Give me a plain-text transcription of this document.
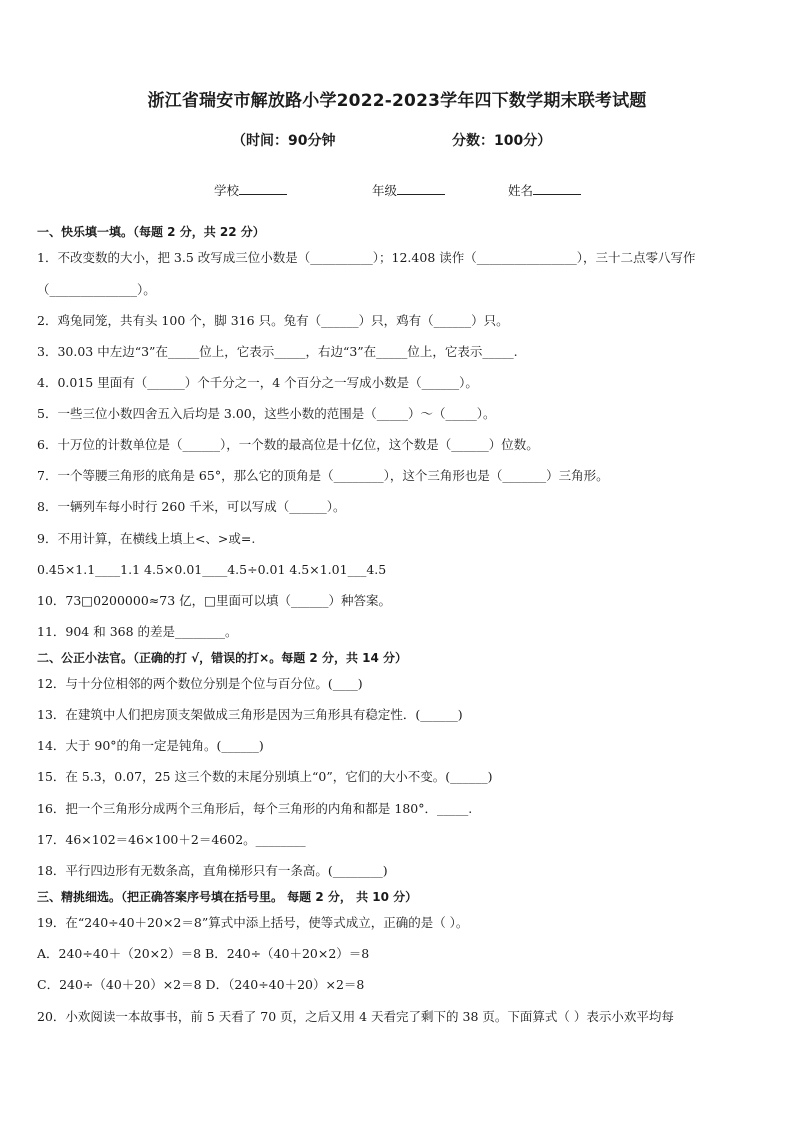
浙江省瑞安市解放路小学2022-2023学年四下数学期末联考试题
（时间：90分钟	分数：100分）
学校	年级	姓名
一、快乐填一填。（每题 2 分，共 22 分）
1．不改变数的大小，把 3.5 改写成三位小数是（__________）；12.408 读作（________________），三十二点零八写作
（______________）。
2．鸡兔同笼，共有头 100 个，脚 316 只。兔有（______）只，鸡有（______）只。
3．30.03 中左边“3”在_____位上，它表示_____，右边“3”在_____位上，它表示_____.
4．0.015 里面有（______）个千分之一，4 个百分之一写成小数是（______）。
5．一些三位小数四舍五入后均是 3.00，这些小数的范围是（_____）～（_____）。
6．十万位的计数单位是（______），一个数的最高位是十亿位，这个数是（______）位数。
7．一个等腰三角形的底角是 65°，那么它的顶角是（________），这个三角形也是（_______）三角形。
8．一辆列车每小时行 260 千米，可以写成（______）。
9．不用计算，在横线上填上<、>或=.
0.45×1.1____1.1 4.5×0.01____4.5÷0.01 4.5×1.01___4.5
10．73□0200000≈73 亿，□里面可以填（______）种答案。
11．904 和 368 的差是________。
二、公正小法官。（正确的打 √，错误的打×。每题 2 分，共 14 分）
12．与十分位相邻的两个数位分别是个位与百分位。(____)
13．在建筑中人们把房顶支架做成三角形是因为三角形具有稳定性．(______)
14．大于 90°的角一定是钝角。(______)
15．在 5.3，0.07，25 这三个数的末尾分别填上“0”，它们的大小不变。(______)
16．把一个三角形分成两个三角形后，每个三角形的内角和都是 180°．_____.
17．46×102＝46×100＋2＝4602。________
18．平行四边形有无数条高，直角梯形只有一条高。(________)
三、精挑细选。（把正确答案序号填在括号里。 每题 2 分， 共 10 分）
19．在“240÷40＋20×2＝8”算式中添上括号，使等式成立，正确的是（ ）。
A．240÷40＋（20×2）＝8 B．240÷（40＋20×2）＝8
C．240÷（40＋20）×2＝8 D．（240÷40＋20）×2＝8
20．小欢阅读一本故事书，前 5 天看了 70 页，之后又用 4 天看完了剩下的 38 页。下面算式（ ）表示小欢平均每
